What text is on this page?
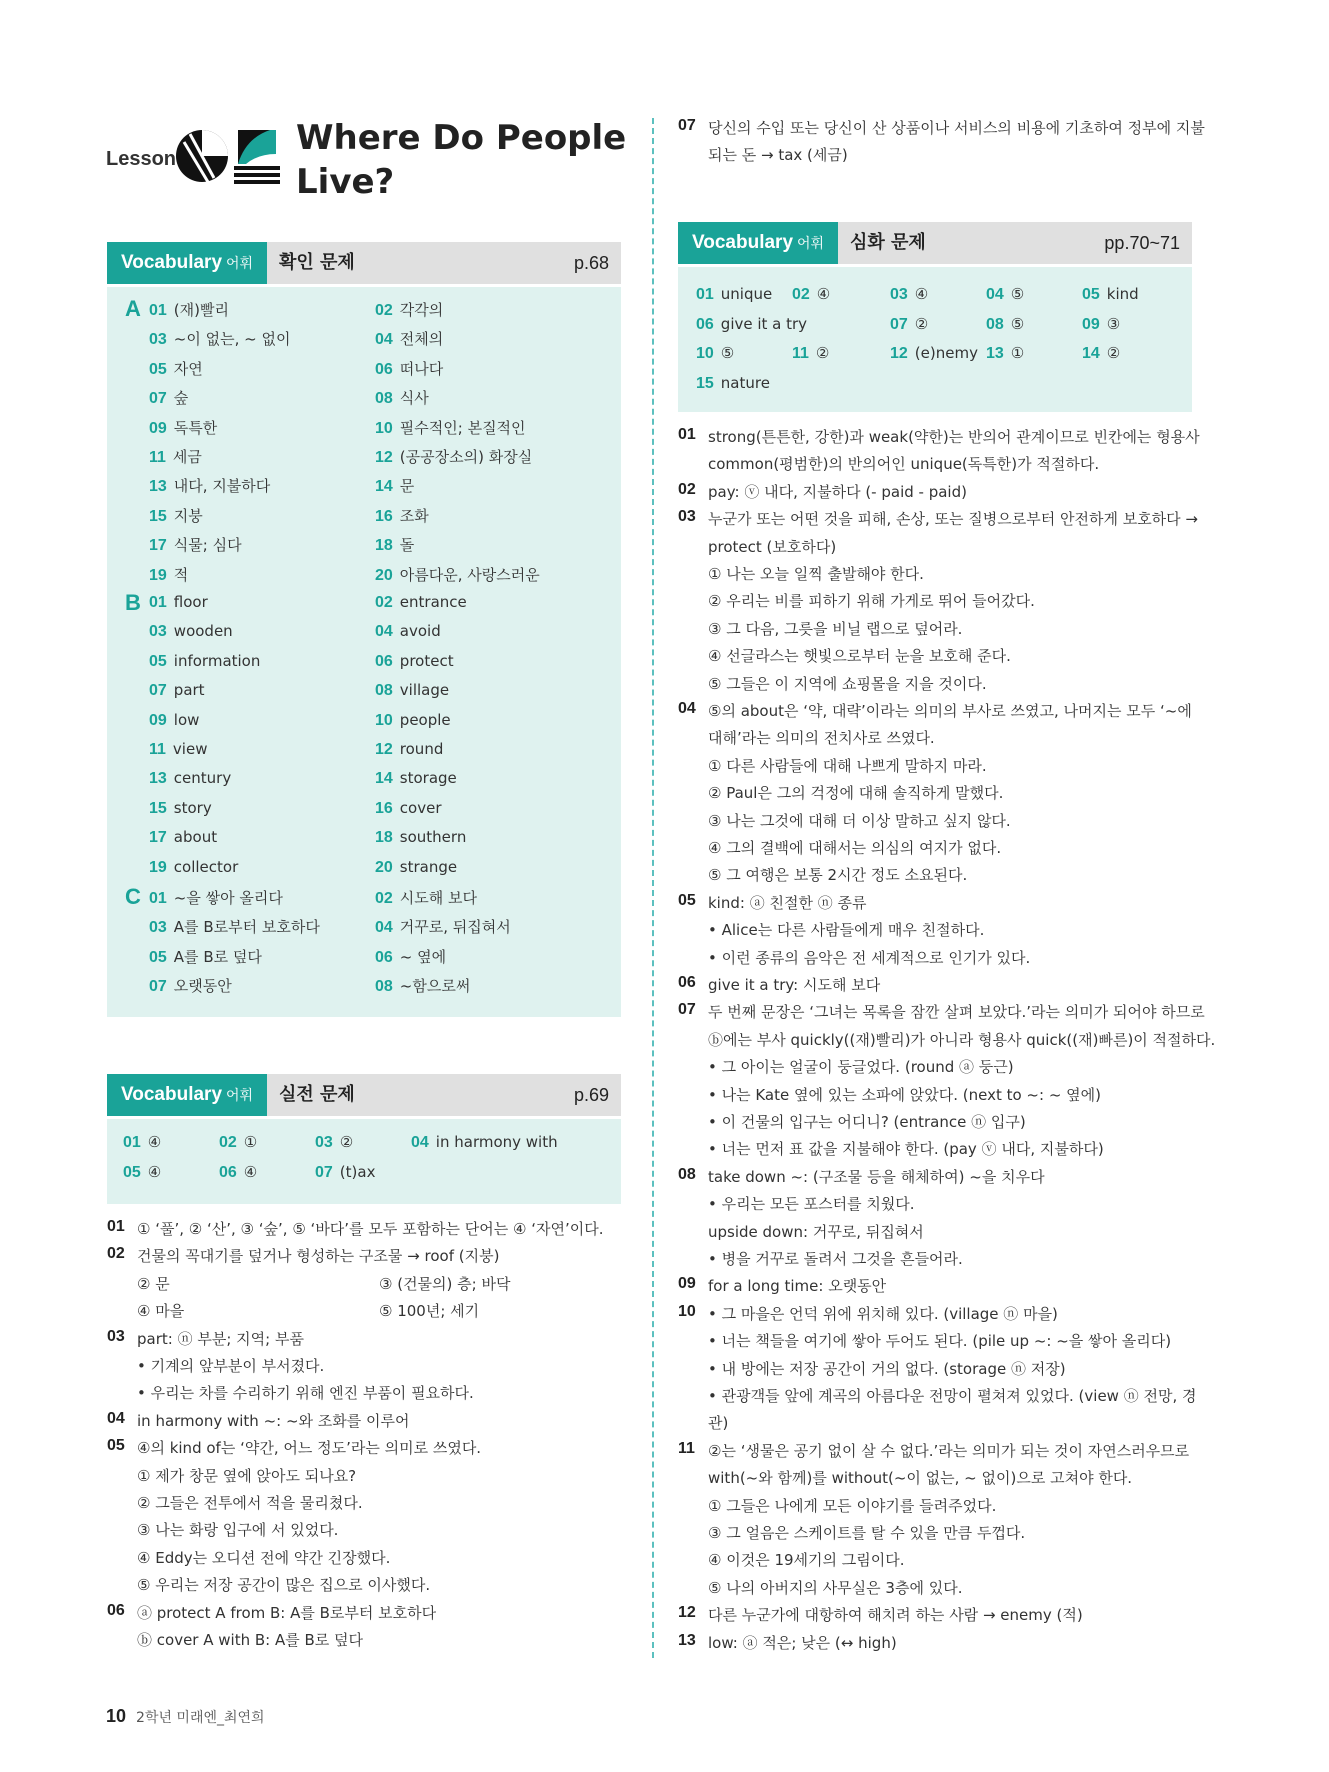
Lesson
Where Do People
Live?
Vocabulary 어휘	확인 문제	p.68
A 01 (재)빨리	02 각각의
03 ~이 없는, ~ 없이	04 전체의
05 자연	06 떠나다
07 숲	08 식사
09 독특한	10 필수적인; 본질적인
11 세금	12 (공공장소의) 화장실
13 내다, 지불하다	14 문
15 지붕	16 조화
17 식물; 심다	18 돌
19 적	20 아름다운, 사랑스러운
B 01 floor	02 entrance
03 wooden	04 avoid
05 information	06 protect
07 part	08 village
09 low	10 people
11 view	12 round
13 century	14 storage
15 story	16 cover
17 about	18 southern
19 collector	20 strange
C 01 ~을 쌓아 올리다	02 시도해 보다
03 A를 B로부터 보호하다	04 거꾸로, 뒤집혀서
05 A를 B로 덮다	06 ~ 옆에
07 오랫동안	08 ~함으로써
Vocabulary 어휘	실전 문제	p.69
01 ④	02 ①	03 ②	04 in harmony with
05 ④	06 ④	07 (t)ax
01 ① ‘풀’, ② ‘산’, ③ ‘숲’, ⑤ ‘바다’를 모두 포함하는 단어는 ④ ‘자연’이다.
02 건물의 꼭대기를 덮거나 형성하는 구조물 → roof (지붕)
② 문	③ (건물의) 층; 바닥
④ 마을	⑤ 100년; 세기
03 part: ⓝ 부분; 지역; 부품
• 기계의 앞부분이 부서졌다.
• 우리는 차를 수리하기 위해 엔진 부품이 필요하다.
04 in harmony with ~: ~와 조화를 이루어
05 ④의 kind of는 ‘약간, 어느 정도’라는 의미로 쓰였다.
① 제가 창문 옆에 앉아도 되나요?
② 그들은 전투에서 적을 물리쳤다.
③ 나는 화랑 입구에 서 있었다.
④ Eddy는 오디션 전에 약간 긴장했다.
⑤ 우리는 저장 공간이 많은 집으로 이사했다.
06 ⓐ protect A from B: A를 B로부터 보호하다
ⓑ cover A with B: A를 B로 덮다
07 당신의 수입 또는 당신이 산 상품이나 서비스의 비용에 기초하여 정부에 지불
되는 돈 → tax (세금)
Vocabulary 어휘	심화 문제	pp.70~71
01 unique 02 ④	03 ④	04 ⑤	05 kind
06 give it a try	07 ②	08 ⑤	09 ③
10 ⑤	11 ②	12 (e)nemy 13 ①	14 ②
15 nature
01 strong(튼튼한, 강한)과 weak(약한)는 반의어 관계이므로 빈칸에는 형용사
common(평범한)의 반의어인 unique(독특한)가 적절하다.
02 pay: ⓥ 내다, 지불하다 (- paid - paid)
03 누군가 또는 어떤 것을 피해, 손상, 또는 질병으로부터 안전하게 보호하다 →
protect (보호하다)
① 나는 오늘 일찍 출발해야 한다.
② 우리는 비를 피하기 위해 가게로 뛰어 들어갔다.
③ 그 다음, 그릇을 비닐 랩으로 덮어라.
④ 선글라스는 햇빛으로부터 눈을 보호해 준다.
⑤ 그들은 이 지역에 쇼핑몰을 지을 것이다.
04 ⑤의 about은 ‘약, 대략’이라는 의미의 부사로 쓰였고, 나머지는 모두 ‘~에
대해’라는 의미의 전치사로 쓰였다.
① 다른 사람들에 대해 나쁘게 말하지 마라.
② Paul은 그의 걱정에 대해 솔직하게 말했다.
③ 나는 그것에 대해 더 이상 말하고 싶지 않다.
④ 그의 결백에 대해서는 의심의 여지가 없다.
⑤ 그 여행은 보통 2시간 정도 소요된다.
05 kind: ⓐ 친절한 ⓝ 종류
• Alice는 다른 사람들에게 매우 친절하다.
• 이런 종류의 음악은 전 세계적으로 인기가 있다.
06 give it a try: 시도해 보다
07 두 번째 문장은 ‘그녀는 목록을 잠깐 살펴 보았다.’라는 의미가 되어야 하므로
ⓑ에는 부사 quickly((재)빨리)가 아니라 형용사 quick((재)빠른)이 적절하다.
• 그 아이는 얼굴이 둥글었다. (round ⓐ 둥근)
• 나는 Kate 옆에 있는 소파에 앉았다. (next to ~: ~ 옆에)
• 이 건물의 입구는 어디니? (entrance ⓝ 입구)
• 너는 먼저 표 값을 지불해야 한다. (pay ⓥ 내다, 지불하다)
08 take down ~: (구조물 등을 해체하여) ~을 치우다
• 우리는 모든 포스터를 치웠다.
upside down: 거꾸로, 뒤집혀서
• 병을 거꾸로 돌려서 그것을 흔들어라.
09 for a long time: 오랫동안
10 • 그 마을은 언덕 위에 위치해 있다. (village ⓝ 마을)
• 너는 책들을 여기에 쌓아 두어도 된다. (pile up ~: ~을 쌓아 올리다)
• 내 방에는 저장 공간이 거의 없다. (storage ⓝ 저장)
• 관광객들 앞에 계곡의 아름다운 전망이 펼쳐져 있었다. (view ⓝ 전망, 경
관)
11 ②는 ‘생물은 공기 없이 살 수 없다.’라는 의미가 되는 것이 자연스러우므로
with(~와 함께)를 without(~이 없는, ~ 없이)으로 고쳐야 한다.
① 그들은 나에게 모든 이야기를 들려주었다.
③ 그 얼음은 스케이트를 탈 수 있을 만큼 두껍다.
④ 이것은 19세기의 그림이다.
⑤ 나의 아버지의 사무실은 3층에 있다.
12 다른 누군가에 대항하여 해치려 하는 사람 → enemy (적)
13 low: ⓐ 적은; 낮은 (↔ high)
10 2학년 미래엔_최연희
